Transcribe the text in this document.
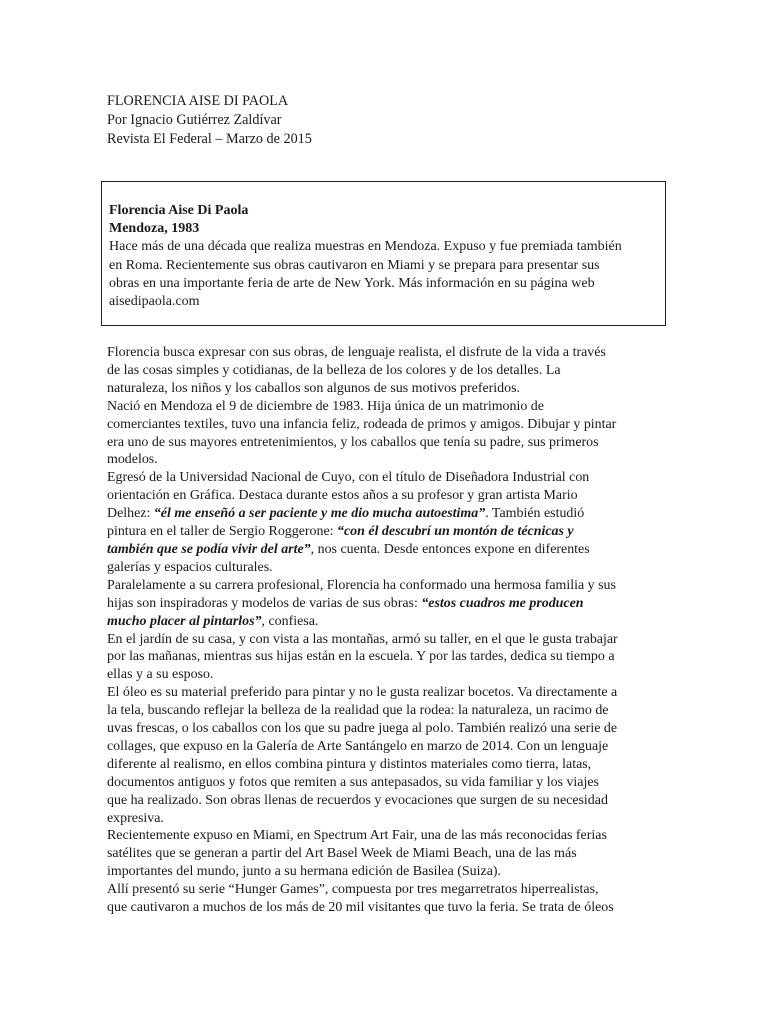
FLORENCIA AISE DI PAOLA
Por Ignacio Gutiérrez Zaldívar
Revista El Federal – Marzo de 2015

Florencia Aise Di Paola

Mendoza, 1983

Hace más de una década que realiza muestras en Mendoza. Expuso y fue premiada también

en Roma. Recientemente sus obras cautivaron en Miami y se prepara para presentar sus

obras en una importante feria de arte de New York. Más información en su página web

aisedipaola.com

Florencia busca expresar con sus obras, de lenguaje realista, el disfrute de la vida a través
de las cosas simples y cotidianas, de la belleza de los colores y de los detalles. La
naturaleza, los niños y los caballos son algunos de sus motivos preferidos.
Nació en Mendoza el 9 de diciembre de 1983. Hija única de un matrimonio de
comerciantes textiles, tuvo una infancia feliz, rodeada de primos y amigos. Dibujar y pintar
era uno de sus mayores entretenimientos, y los caballos que tenía su padre, sus primeros
modelos.
Egresó de la Universidad Nacional de Cuyo, con el título de Diseñadora Industrial con
orientación en Gráfica. Destaca durante estos años a su profesor y gran artista Mario
Delhez: “él me enseñó a ser paciente y me dio mucha autoestima”. También estudió
pintura en el taller de Sergio Roggerone: “con él descubrí un montón de técnicas y
también que se podía vivir del arte”, nos cuenta. Desde entonces expone en diferentes
galerías y espacios culturales.
Paralelamente a su carrera profesional, Florencia ha conformado una hermosa familia y sus
hijas son inspiradoras y modelos de varias de sus obras: “estos cuadros me producen
mucho placer al pintarlos”, confiesa.
En el jardín de su casa, y con vista a las montañas, armó su taller, en el que le gusta trabajar
por las mañanas, mientras sus hijas están en la escuela. Y por las tardes, dedica su tiempo a
ellas y a su esposo.
El óleo es su material preferido para pintar y no le gusta realizar bocetos. Va directamente a
la tela, buscando reflejar la belleza de la realidad que la rodea: la naturaleza, un racimo de
uvas frescas, o los caballos con los que su padre juega al polo. También realizó una serie de
collages, que expuso en la Galería de Arte Santángelo en marzo de 2014. Con un lenguaje
diferente al realismo, en ellos combina pintura y distintos materiales como tierra, latas,
documentos antiguos y fotos que remiten a sus antepasados, su vida familiar y los viajes
que ha realizado. Son obras llenas de recuerdos y evocaciones que surgen de su necesidad
expresiva.
Recientemente expuso en Miami, en Spectrum Art Fair, una de las más reconocidas ferias
satélites que se generan a partir del Art Basel Week de Miami Beach, una de las más
importantes del mundo, junto a su hermana edición de Basilea (Suiza).
Allí presentó su serie “Hunger Games”, compuesta por tres megarretratos hiperrealistas,
que cautivaron a muchos de los más de 20 mil visitantes que tuvo la feria. Se trata de óleos
